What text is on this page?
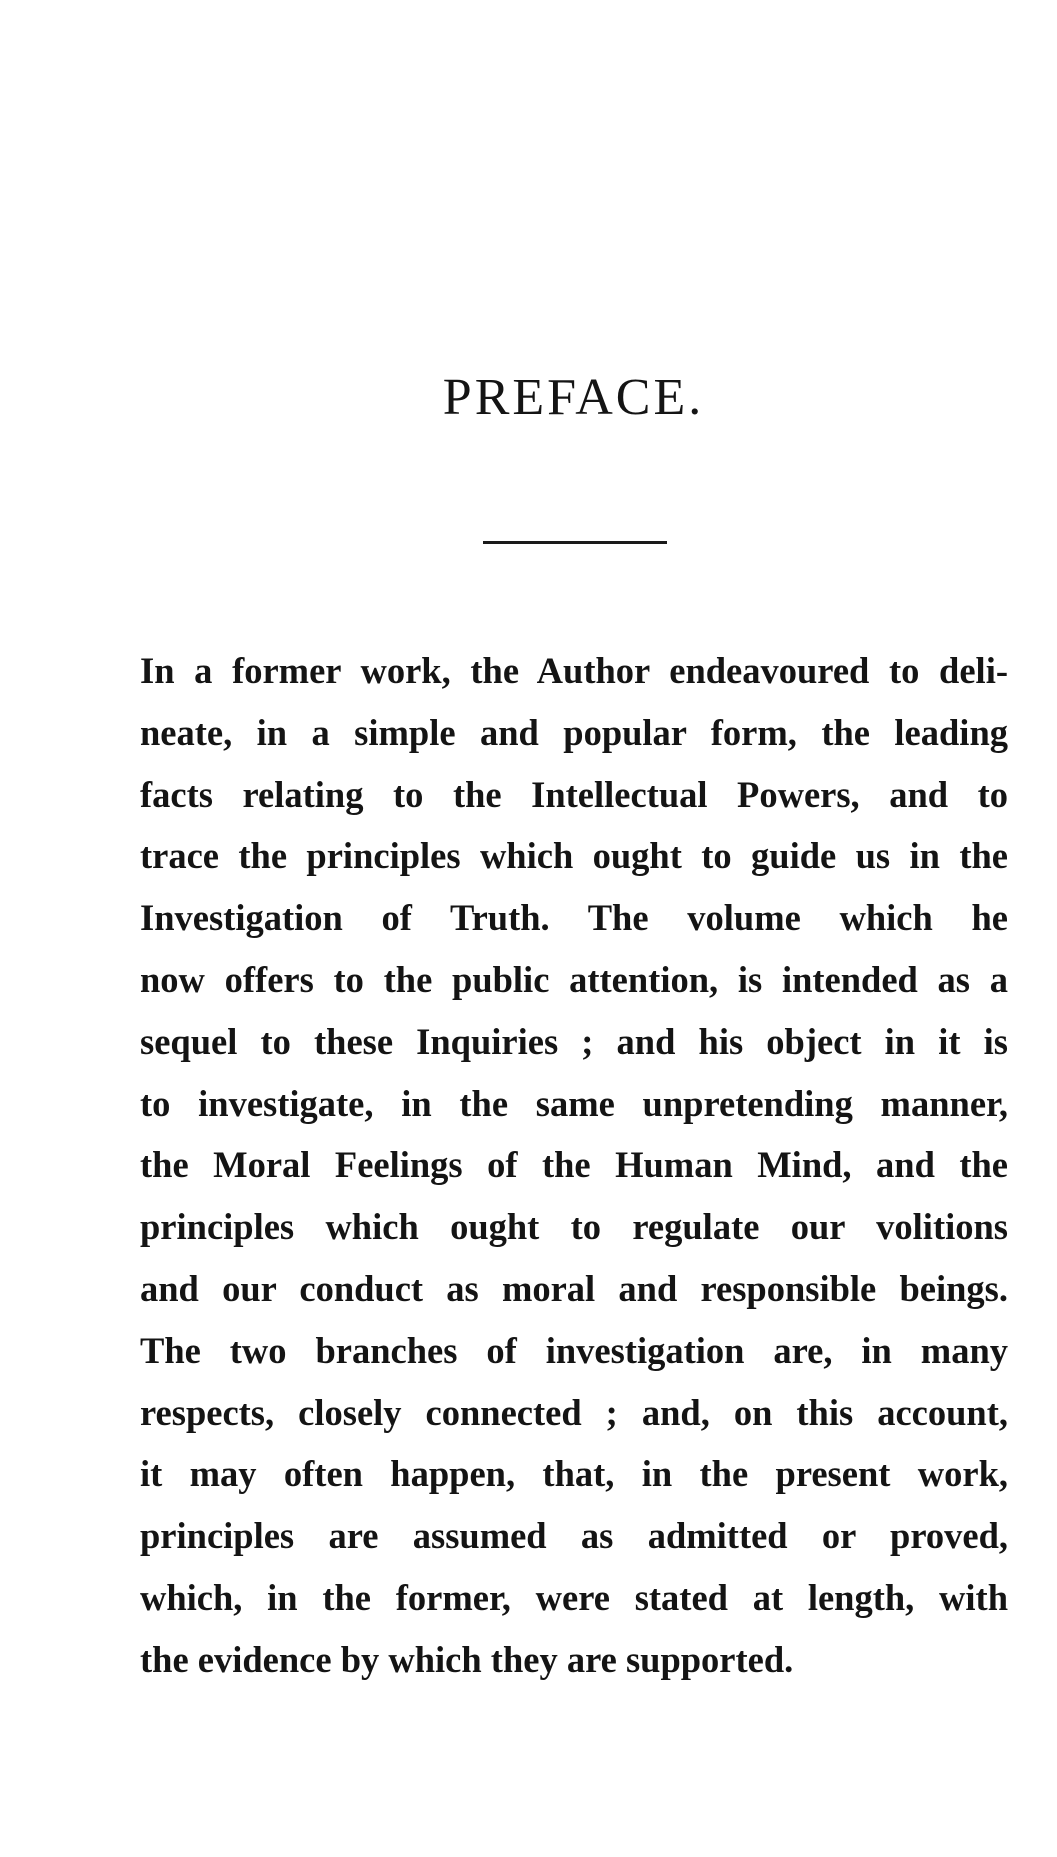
PREFACE.
In a former work, the Author endeavoured to deli-
neate, in a simple and popular form, the leading
facts relating to the Intellectual Powers, and to
trace the principles which ought to guide us in the
Investigation of Truth. The volume which he
now offers to the public attention, is intended as a
sequel to these Inquiries ; and his object in it is
to investigate, in the same unpretending manner,
the Moral Feelings of the Human Mind, and the
principles which ought to regulate our volitions
and our conduct as moral and responsible beings.
The two branches of investigation are, in many
respects, closely connected ; and, on this account,
it may often happen, that, in the present work,
principles are assumed as admitted or proved,
which, in the former, were stated at length, with
the evidence by which they are supported.
